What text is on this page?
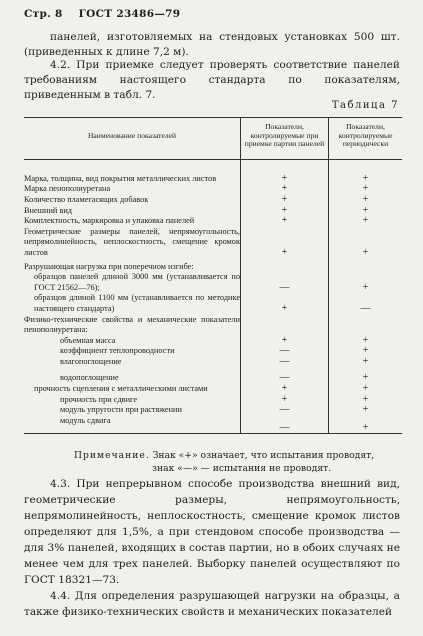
Стр. 8 ГОСТ 23486—79
панелей, изготовляемых на стендовых установках 500 шт. (приведенных к длине 7,2 м).
4.2. При приемке следует проверять соответствие панелей требованиям настоящего стандарта по показателям, приведенным в табл. 7.
Таблица 7
Наименование показателей	Показатели, контролируемые при приемке партии панелей	Показатели, контролируемые периодически
Марка, толщина, вид покрытия металлических листов	+	+
Марка пенополиуретана	+	+
Количество пламегасящих добавок	+	+
Внешний вид	+	+
Комплектность, маркировка и упаковка панелей	+	+
Геометрические размеры панелей, непрямоугольность, непрямолинейность, неплоскостность, смещение кромок листов	+	+
Разрушающая нагрузка при поперечном изгибе:		
образцов панелей длиной 3000 мм (устанавливается по ГОСТ 21562—76);	—	+
образцов длиной 1100 мм (устанавливается по методике настоящего стандарта)	+	—
Физико-технические свойства и механические показатели пенополиуретана:		
объемная масса	+	+
коэффициент теплопроводности	—	+
влагопоглощение	—	+
водопоглощение	—	+
прочность сцепления с металлическими листами	+	+
прочность при сдвиге	+	+
модуль упругости при растяжении	—	+
модуль сдвига	—	+
Примечание. Знак «+» означает, что испытания проводят,
знак «—» — испытания не проводят.
4.3. При непрерывном способе производства внешний вид, геометрические размеры, непрямоугольность, непрямолинейность, неплоскостность, смещение кромок листов определяют для 1,5%, а при стендовом способе производства — для 3% панелей, входящих в состав партии, но в обоих случаях не менее чем для трех панелей. Выборку панелей осуществляют по ГОСТ 18321—73.
4.4. Для определения разрушающей нагрузки на образцы, а также физико-технических свойств и механических показателей
